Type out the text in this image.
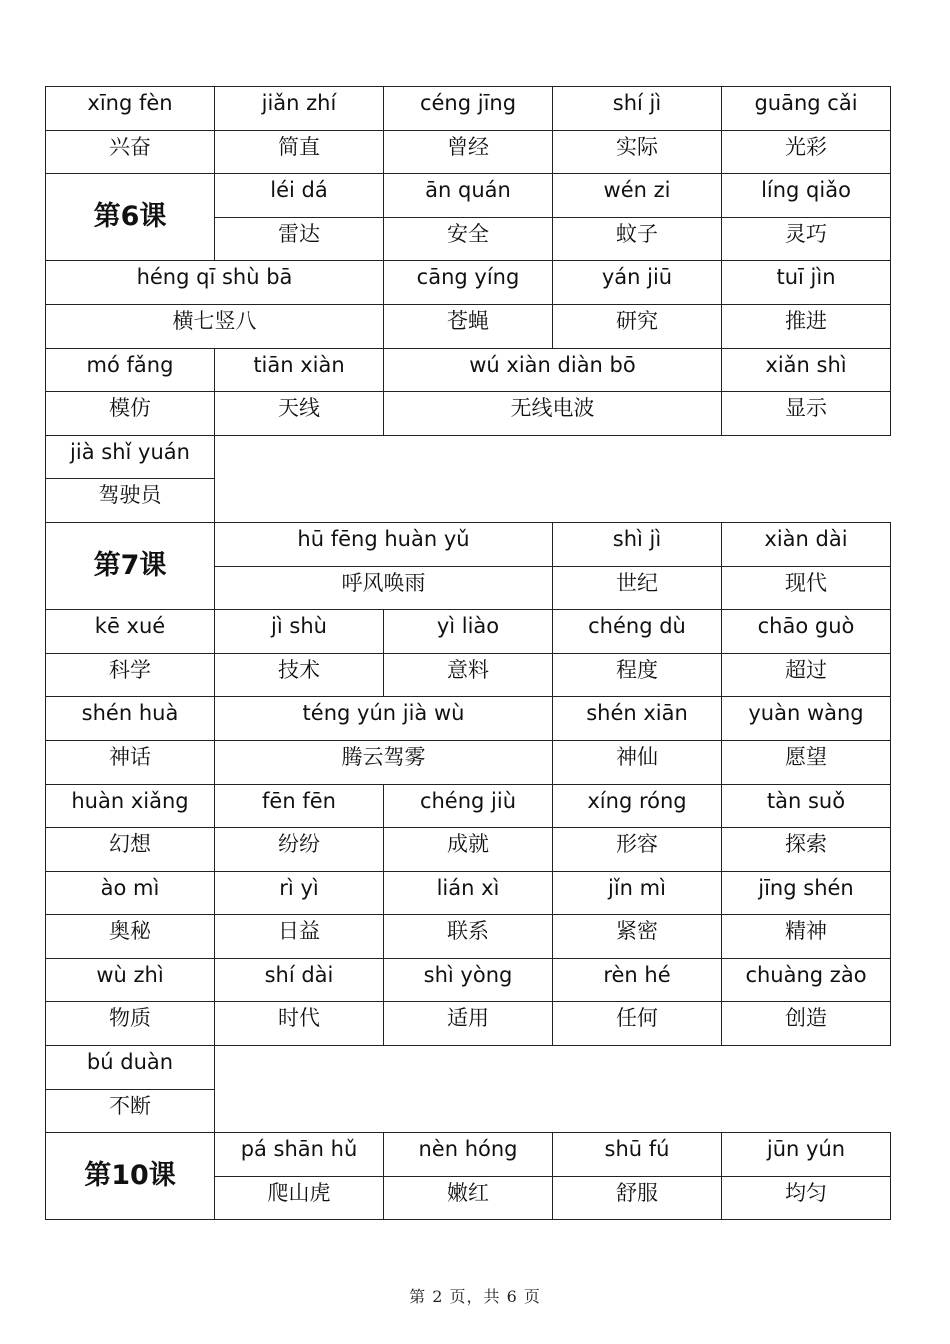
xīng fèn	jiǎn zhí	céng jīng	shí jì	guāng cǎi
兴奋	简直	曾经	实际	光彩
第6课	léi dá	ān quán	wén zi	líng qiǎo
	雷达	安全	蚊子	灵巧
héng qī shù bā		cāng yíng	yán jiū	tuī jìn
横七竖八		苍蝇	研究	推进
mó fǎng	tiān xiàn	wú xiàn diàn bō		xiǎn shì
模仿	天线	无线电波		显示
jià shǐ yuán				
驾驶员				
第7课	hū fēng huàn yǔ		shì jì	xiàn dài
	呼风唤雨		世纪	现代
kē xué	jì shù	yì liào	chéng dù	chāo guò
科学	技术	意料	程度	超过
shén huà	téng yún jià wù		shén xiān	yuàn wàng
神话	腾云驾雾		神仙	愿望
huàn xiǎng	fēn fēn	chéng jiù	xíng róng	tàn suǒ
幻想	纷纷	成就	形容	探索
ào mì	rì yì	lián xì	jǐn mì	jīng shén
奥秘	日益	联系	紧密	精神
wù zhì	shí dài	shì yòng	rèn hé	chuàng zào
物质	时代	适用	任何	创造
bú duàn				
不断				
第10课	pá shān hǔ	nèn hóng	shū fú	jūn yún
	爬山虎	嫩红	舒服	均匀
第 2 页，共 6 页
